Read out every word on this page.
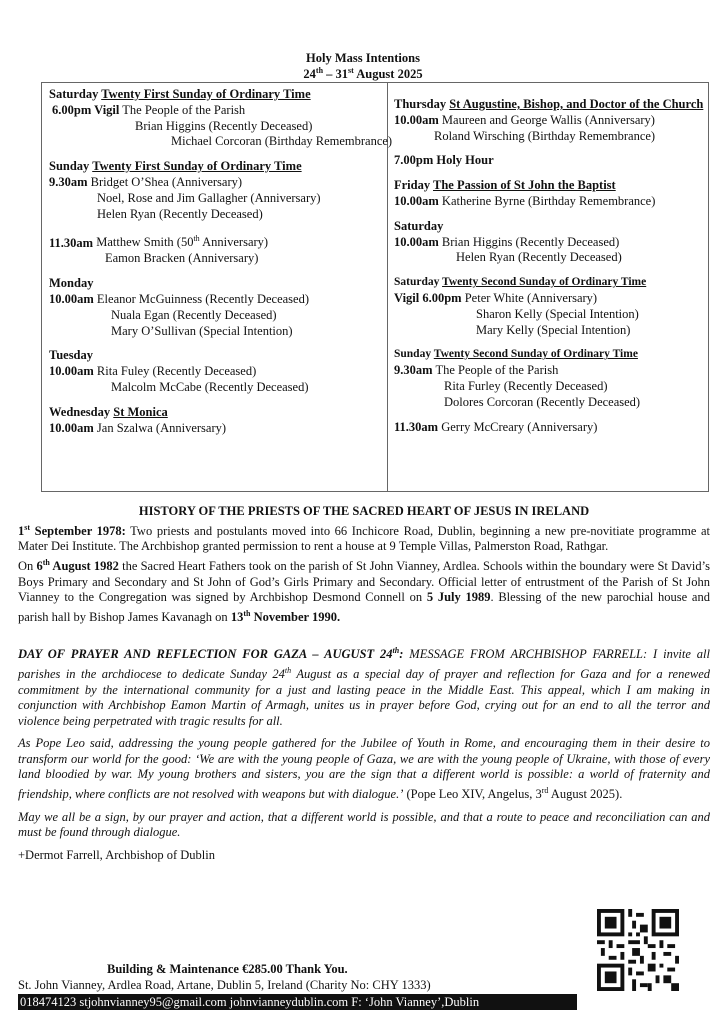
Holy Mass Intentions
24th – 31st August 2025
Saturday Twenty First Sunday of Ordinary Time
6.00pm Vigil The People of the Parish
Brian Higgins (Recently Deceased)
Michael Corcoran (Birthday Remembrance)
Sunday Twenty First Sunday of Ordinary Time
9.30am Bridget O’Shea (Anniversary)
Noel, Rose and Jim Gallagher (Anniversary)
Helen Ryan (Recently Deceased)
11.30am Matthew Smith (50th Anniversary)
Eamon Bracken (Anniversary)
Monday
10.00am Eleanor McGuinness (Recently Deceased)
Nuala Egan (Recently Deceased)
Mary O’Sullivan (Special Intention)
Tuesday
10.00am Rita Fuley (Recently Deceased)
Malcolm McCabe (Recently Deceased)
Wednesday St Monica
10.00am Jan Szalwa (Anniversary)
Thursday St Augustine, Bishop, and Doctor of the Church
10.00am Maureen and George Wallis (Anniversary)
Roland Wirsching (Birthday Remembrance)
7.00pm Holy Hour
Friday The Passion of St John the Baptist
10.00am Katherine Byrne (Birthday Remembrance)
Saturday
10.00am Brian Higgins (Recently Deceased)
Helen Ryan (Recently Deceased)
Saturday Twenty Second Sunday of Ordinary Time
Vigil 6.00pm Peter White (Anniversary)
Sharon Kelly (Special Intention)
Mary Kelly (Special Intention)
Sunday Twenty Second Sunday of Ordinary Time
9.30am The People of the Parish
Rita Furley (Recently Deceased)
Dolores Corcoran (Recently Deceased)
11.30am Gerry McCreary (Anniversary)
HISTORY OF THE PRIESTS OF THE SACRED HEART OF JESUS IN IRELAND
1st September 1978: Two priests and postulants moved into 66 Inchicore Road, Dublin, beginning a new pre-novitiate programme at Mater Dei Institute. The Archbishop granted permission to rent a house at 9 Temple Villas, Palmerston Road, Rathgar.
On 6th August 1982 the Sacred Heart Fathers took on the parish of St John Vianney, Ardlea. Schools within the boundary were St David’s Boys Primary and Secondary and St John of God’s Girls Primary and Secondary. Official letter of entrustment of the Parish of St John Vianney to the Congregation was signed by Archbishop Desmond Connell on 5 July 1989. Blessing of the new parochial house and parish hall by Bishop James Kavanagh on 13th November 1990.
DAY OF PRAYER AND REFLECTION FOR GAZA – AUGUST 24th: MESSAGE FROM ARCHBISHOP FARRELL: I invite all parishes in the archdiocese to dedicate Sunday 24th August as a special day of prayer and reflection for Gaza and for a renewed commitment by the international community for a just and lasting peace in the Middle East. This appeal, which I am making in conjunction with Archbishop Eamon Martin of Armagh, unites us in prayer before God, crying out for an end to all the terror and violence being perpetrated with tragic results for all.
As Pope Leo said, addressing the young people gathered for the Jubilee of Youth in Rome, and encouraging them in their desire to transform our world for the good: ‘We are with the young people of Gaza, we are with the young people of Ukraine, with those of every land bloodied by war. My young brothers and sisters, you are the sign that a different world is possible: a world of fraternity and friendship, where conflicts are not resolved with weapons but with dialogue.’ (Pope Leo XIV, Angelus, 3rd August 2025).
May we all be a sign, by our prayer and action, that a different world is possible, and that a route to peace and reconciliation can and must be found through dialogue.
+Dermot Farrell, Archbishop of Dublin
Building & Maintenance €285.00 Thank You.
St. John Vianney, Ardlea Road, Artane, Dublin 5, Ireland (Charity No: CHY 1333)
018474123 stjohnvianney95@gmail.com johnvianneydublin.com F: ‘John Vianney’,Dublin
